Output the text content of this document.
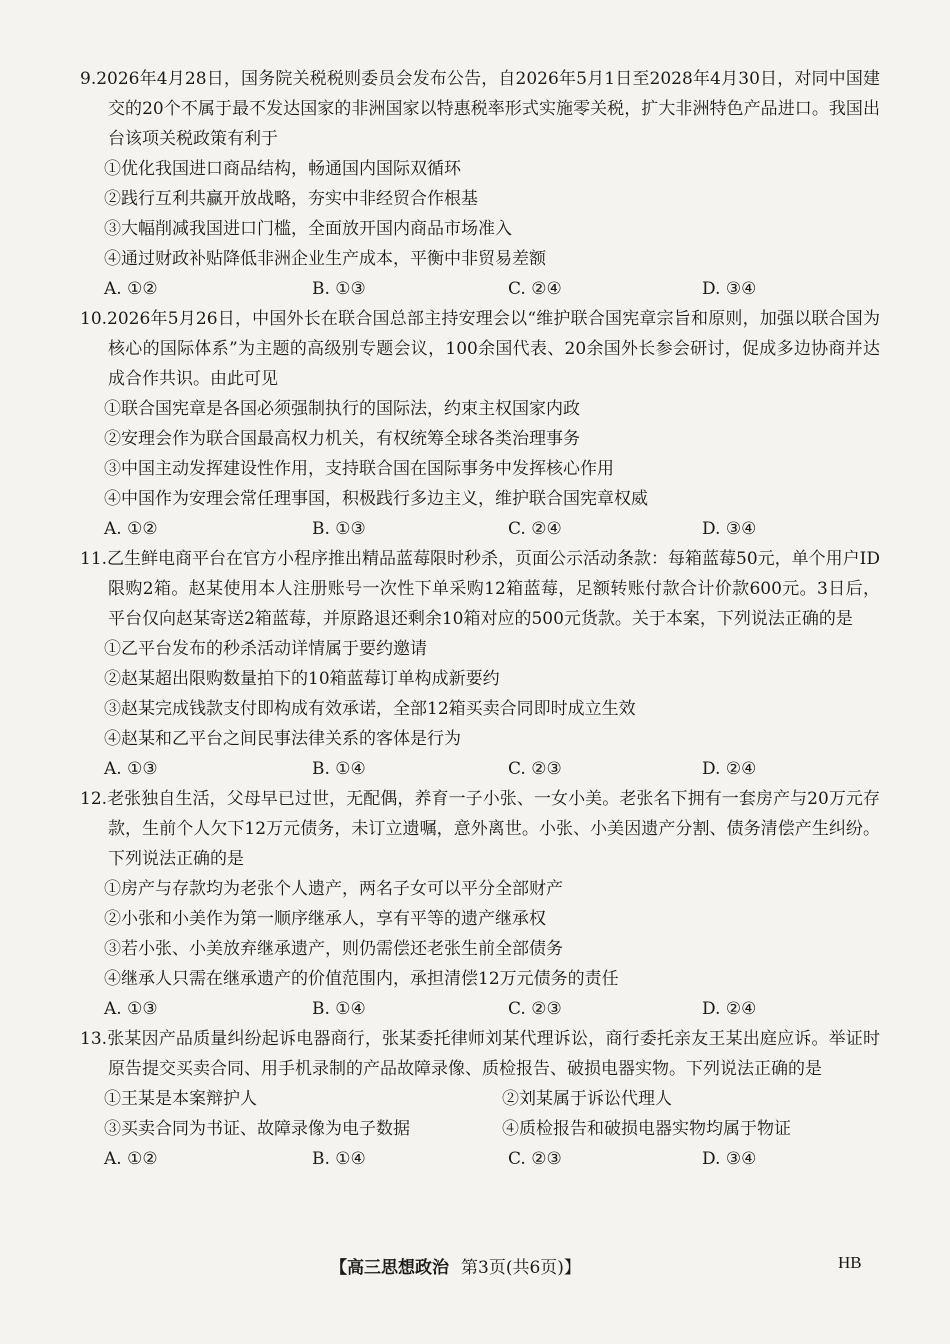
9.2026年4月28日，国务院关税税则委员会发布公告，自2026年5月1日至2028年4月30日，对同中国建交的20个不属于最不发达国家的非洲国家以特惠税率形式实施零关税，扩大非洲特色产品进口。我国出台该项关税政策有利于
①优化我国进口商品结构，畅通国内国际双循环
②践行互利共赢开放战略，夯实中非经贸合作根基
③大幅削减我国进口门槛，全面放开国内商品市场准入
④通过财政补贴降低非洲企业生产成本，平衡中非贸易差额
A. ①②	B. ①③	C. ②④	D. ③④
10.2026年5月26日，中国外长在联合国总部主持安理会以“维护联合国宪章宗旨和原则，加强以联合国为核心的国际体系”为主题的高级别专题会议，100余国代表、20余国外长参会研讨，促成多边协商并达成合作共识。由此可见
①联合国宪章是各国必须强制执行的国际法，约束主权国家内政
②安理会作为联合国最高权力机关，有权统筹全球各类治理事务
③中国主动发挥建设性作用，支持联合国在国际事务中发挥核心作用
④中国作为安理会常任理事国，积极践行多边主义，维护联合国宪章权威
A. ①②	B. ①③	C. ②④	D. ③④
11.乙生鲜电商平台在官方小程序推出精品蓝莓限时秒杀，页面公示活动条款：每箱蓝莓50元，单个用户ID限购2箱。赵某使用本人注册账号一次性下单采购12箱蓝莓，足额转账付款合计价款600元。3日后，平台仅向赵某寄送2箱蓝莓，并原路退还剩余10箱对应的500元货款。关于本案，下列说法正确的是
①乙平台发布的秒杀活动详情属于要约邀请
②赵某超出限购数量拍下的10箱蓝莓订单构成新要约
③赵某完成钱款支付即构成有效承诺，全部12箱买卖合同即时成立生效
④赵某和乙平台之间民事法律关系的客体是行为
A. ①③	B. ①④	C. ②③	D. ②④
12.老张独自生活，父母早已过世，无配偶，养育一子小张、一女小美。老张名下拥有一套房产与20万元存款，生前个人欠下12万元债务，未订立遗嘱，意外离世。小张、小美因遗产分割、债务清偿产生纠纷。下列说法正确的是
①房产与存款均为老张个人遗产，两名子女可以平分全部财产
②小张和小美作为第一顺序继承人，享有平等的遗产继承权
③若小张、小美放弃继承遗产，则仍需偿还老张生前全部债务
④继承人只需在继承遗产的价值范围内，承担清偿12万元债务的责任
A. ①③	B. ①④	C. ②③	D. ②④
13.张某因产品质量纠纷起诉电器商行，张某委托律师刘某代理诉讼，商行委托亲友王某出庭应诉。举证时原告提交买卖合同、用手机录制的产品故障录像、质检报告、破损电器实物。下列说法正确的是
①王某是本案辩护人	②刘某属于诉讼代理人
③买卖合同为书证、故障录像为电子数据	④质检报告和破损电器实物均属于物证
A. ①②	B. ①④	C. ②③	D. ③④
【高三思想政治 第3页(共6页)】	HB
